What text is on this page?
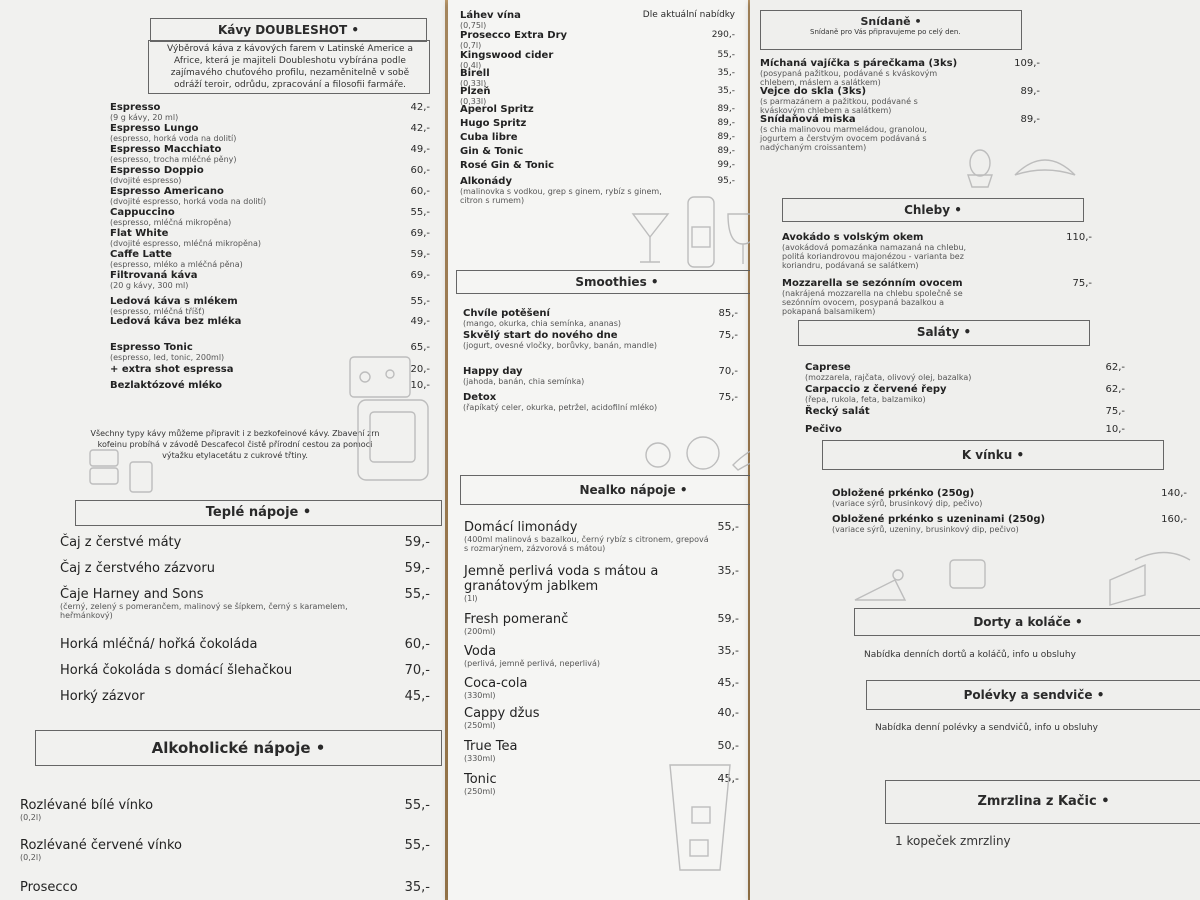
Kávy DOUBLESHOT •
Výběrová káva z kávových farem v Latinské Americe a Africe, která je majiteli Doubleshotu vybírána podle zajímavého chuťového profilu, nezaměnitelně v sobě odráží teroir, odrůdu, zpracování a filosofii farmáře.
Espresso
(9 g kávy, 20 ml)
42,-
Espresso Lungo
(espresso, horká voda na dolití)
42,-
Espresso Macchiato
(espresso, trocha mléčné pěny)
49,-
Espresso Doppio
(dvojité espresso)
60,-
Espresso Americano
(dvojité espresso, horká voda na dolití)
60,-
Cappuccino
(espresso, mléčná mikropěna)
55,-
Flat White
(dvojité espresso, mléčná mikropěna)
69,-
Caffe Latte
(espresso, mléko a mléčná pěna)
59,-
Filtrovaná káva
(20 g kávy, 300 ml)
69,-
Ledová káva s mlékem
(espresso, mléčná tříšť)
55,-
Ledová káva bez mléka	49,-
Espresso Tonic
(espresso, led, tonic, 200ml)
65,-
+ extra shot espressa	20,-
Bezlaktózové mléko	10,-
Všechny typy kávy můžeme připravit i z bezkofeinové kávy. Zbavení zrn kofeinu probíhá v závodě Descafecol čistě přírodní cestou za pomoci výtažku etylacetátu z cukrové třtiny.
Teplé nápoje •
Čaj z čerstvé máty	59,-
Čaj z čerstvého zázvoru	59,-
Čaje Harney and Sons
(černý, zelený s pomerančem, malinový se šípkem, černý s karamelem, heřmánkový)
55,-
Horká mléčná/ hořká čokoláda	60,-
Horká čokoláda s domácí šlehačkou	70,-
Horký zázvor	45,-
Alkoholické nápoje •
Rozlévané bílé vínko
(0,2l)
55,-
Rozlévané červené vínko
(0,2l)
55,-
Prosecco	35,-
Láhev vína
(0,75l)
Dle aktuální nabídky
Prosecco Extra Dry
(0,7l)
290,-
Kingswood cider
(0,4l)
55,-
Birell
(0,33l)
35,-
Plzeň
(0,33l)
35,-
Aperol Spritz	89,-
Hugo Spritz	89,-
Cuba libre	89,-
Gin & Tonic	89,-
Rosé Gin & Tonic	99,-
Alkonády
(malinovka s vodkou, grep s ginem, rybíz s ginem, citron s rumem)
95,-
Smoothies •
Chvíle potěšení
(mango, okurka, chia semínka, ananas)
85,-
Skvělý start do nového dne
(jogurt, ovesné vločky, borůvky, banán, mandle)
75,-
Happy day
(jahoda, banán, chia semínka)
70,-
Detox
(řapíkatý celer, okurka, petržel, acidofilní mléko)
75,-
Nealko nápoje •
Domácí limonády
(400ml malinová s bazalkou, černý rybíz s citronem, grepová s rozmarýnem, zázvorová s mátou)
55,-
Jemně perlivá voda s mátou a granátovým jablkem
(1l)
35,-
Fresh pomeranč
(200ml)
59,-
Voda
(perlivá, jemně perlivá, neperlivá)
35,-
Coca-cola
(330ml)
45,-
Cappy džus
(250ml)
40,-
True Tea
(330ml)
50,-
Tonic
(250ml)
45,-
Snídaně •
Snídaně pro Vás připravujeme po celý den.
Míchaná vajíčka s párečkama (3ks)
(posypaná pažitkou, podávané s kváskovým chlebem, máslem a salátkem)
109,-
Vejce do skla (3ks)
(s parmazánem a pažitkou, podávané s kváskovým chlebem a salátkem)
89,-
Snídaňová miska
(s chia malinovou marmeládou, granolou, jogurtem a čerstvým ovocem podávaná s nadýchaným croissantem)
89,-
Chleby •
Avokádo s volským okem
(avokádová pomazánka namazaná na chlebu, politá koriandrovou majonézou - varianta bez koriandru, podávaná se salátkem)
110,-
Mozzarella se sezónním ovocem
(nakrájená mozzarella na chlebu společně se sezónním ovocem, posypaná bazalkou a pokapaná balsamikem)
75,-
Saláty •
Caprese
(mozzarela, rajčata, olivový olej, bazalka)
62,-
Carpaccio z červené řepy
(řepa, rukola, feta, balzamiko)
62,-
Řecký salát	75,-
Pečivo	10,-
K vínku •
Obložené prkénko (250g)
(variace sýrů, brusinkový dip, pečivo)
140,-
Obložené prkénko s uzeninami (250g)
(variace sýrů, uzeniny, brusinkový dip, pečivo)
160,-
Dorty a koláče •
Nabídka denních dortů a koláčů, info u obsluhy
Polévky a sendviče •
Nabídka denní polévky a sendvičů, info u obsluhy
Zmrzlina z Kačic •
1 kopeček zmrzliny
